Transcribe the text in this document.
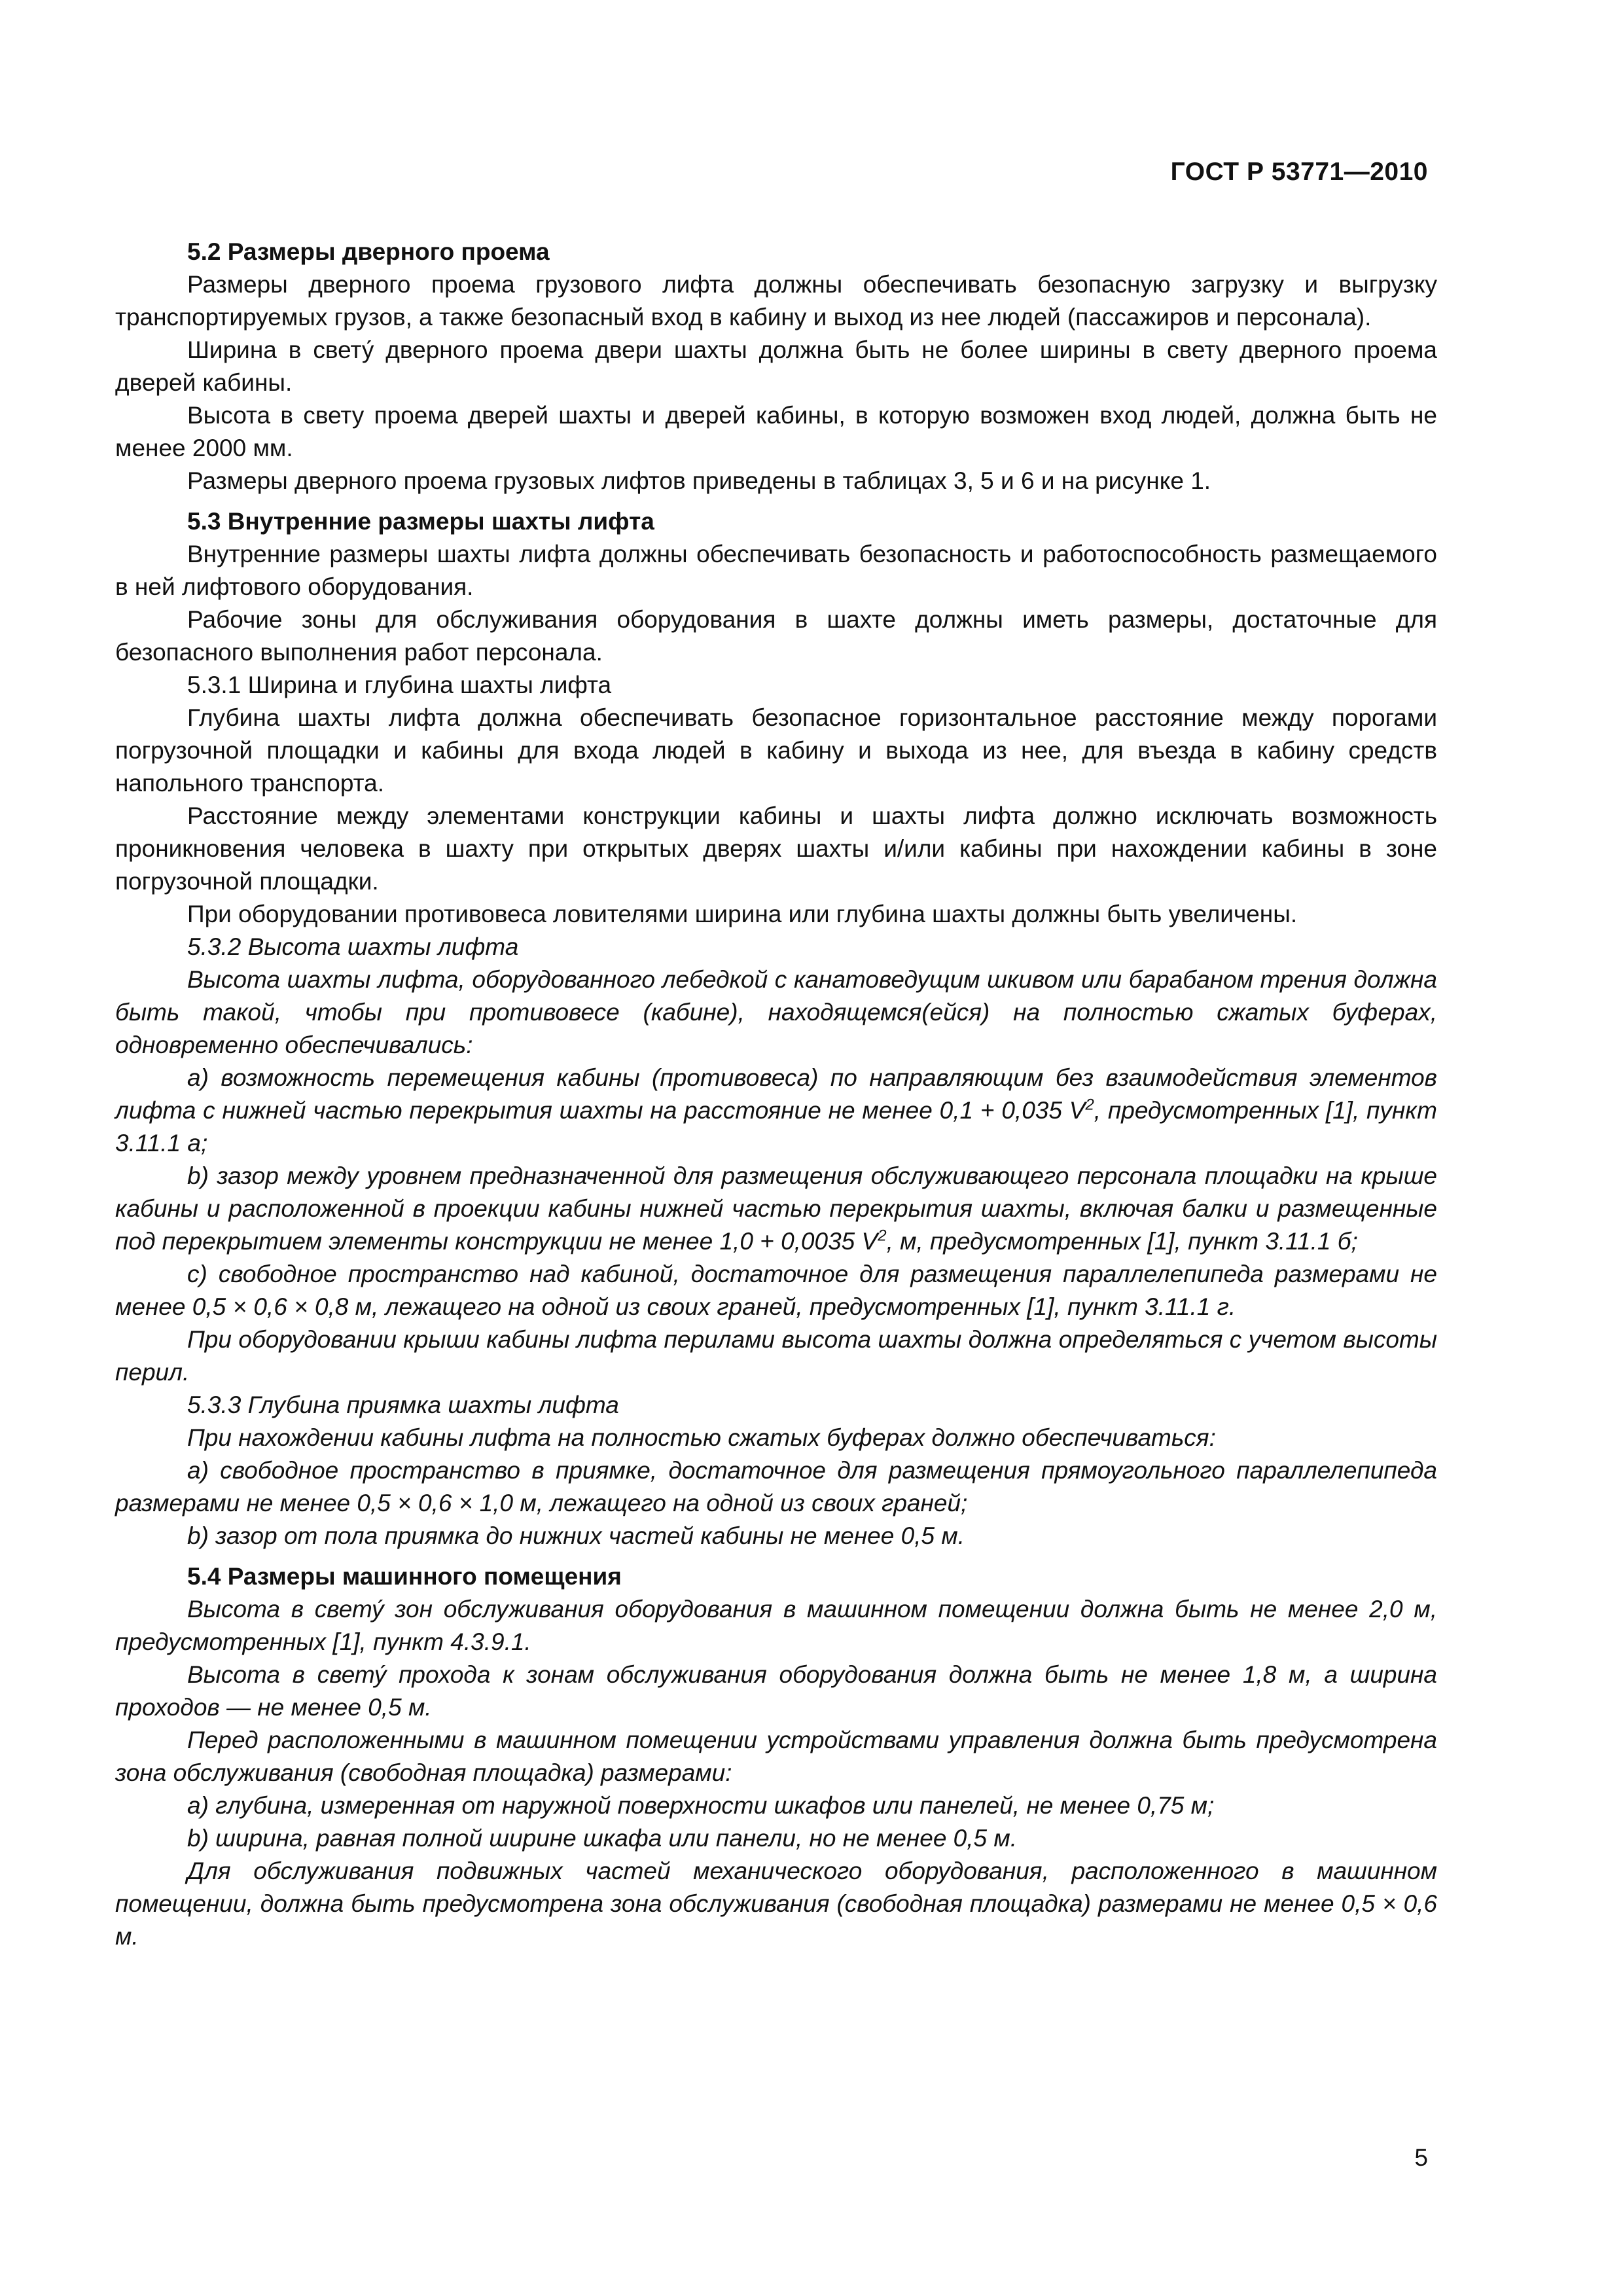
ГОСТ Р 53771—2010

5.2 Размеры дверного проема

Размеры дверного проема грузового лифта должны обеспечивать безопасную загрузку и выгрузку транспортируемых грузов, а также безопасный вход в кабину и выход из нее людей (пассажиров и персонала).

Ширина в свету́ дверного проема двери шахты должна быть не более ширины в свету дверного проема дверей кабины.

Высота в свету проема дверей шахты и дверей кабины, в которую возможен вход людей, должна быть не менее 2000 мм.

Размеры дверного проема грузовых лифтов приведены в таблицах 3, 5 и 6 и на рисунке 1.

5.3 Внутренние размеры шахты лифта

Внутренние размеры шахты лифта должны обеспечивать безопасность и работоспособность размещаемого в ней лифтового оборудования.

Рабочие зоны для обслуживания оборудования в шахте должны иметь размеры, достаточные для безопасного выполнения работ персонала.

5.3.1 Ширина и глубина шахты лифта

Глубина шахты лифта должна обеспечивать безопасное горизонтальное расстояние между порогами погрузочной площадки и кабины для входа людей в кабину и выхода из нее, для въезда в кабину средств напольного транспорта.

Расстояние между элементами конструкции кабины и шахты лифта должно исключать возможность проникновения человека в шахту при открытых дверях шахты и/или кабины при нахождении кабины в зоне погрузочной площадки.

При оборудовании противовеса ловителями ширина или глубина шахты должны быть увеличены.

5.3.2 Высота шахты лифта

Высота шахты лифта, оборудованного лебедкой с канатоведущим шкивом или барабаном трения должна быть такой, чтобы при противовесе (кабине), находящемся(ейся) на полностью сжатых буферах, одновременно обеспечивались:

а) возможность перемещения кабины (противовеса) по направляющим без взаимодействия элементов лифта с нижней частью перекрытия шахты на расстояние не менее 0,1 + 0,035 $V^2$, предусмотренных [1], пункт 3.11.1 а;

b) зазор между уровнем предназначенной для размещения обслуживающего персонала площадки на крыше кабины и расположенной в проекции кабины нижней частью перекрытия шахты, включая балки и размещенные под перекрытием элементы конструкции не менее 1,0 + 0,0035 $V^2$, м, предусмотренных [1], пункт 3.11.1 б;

с) свободное пространство над кабиной, достаточное для размещения параллелепипеда размерами не менее 0,5 × 0,6 × 0,8 м, лежащего на одной из своих граней, предусмотренных [1], пункт 3.11.1 г.

При оборудовании крыши кабины лифта перилами высота шахты должна определяться с учетом высоты перил.

5.3.3 Глубина приямка шахты лифта

При нахождении кабины лифта на полностью сжатых буферах должно обеспечиваться:

а) свободное пространство в приямке, достаточное для размещения прямоугольного параллелепипеда размерами не менее 0,5 × 0,6 × 1,0 м, лежащего на одной из своих граней;

b) зазор от пола приямка до нижних частей кабины не менее 0,5 м.

5.4 Размеры машинного помещения

Высота в свету́ зон обслуживания оборудования в машинном помещении должна быть не менее 2,0 м, предусмотренных [1], пункт 4.3.9.1.

Высота в свету́ прохода к зонам обслуживания оборудования должна быть не менее 1,8 м, а ширина проходов — не менее 0,5 м.

Перед расположенными в машинном помещении устройствами управления должна быть предусмотрена зона обслуживания (свободная площадка) размерами:

а) глубина, измеренная от наружной поверхности шкафов или панелей, не менее 0,75 м;

b) ширина, равная полной ширине шкафа или панели, но не менее 0,5 м.

Для обслуживания подвижных частей механического оборудования, расположенного в машинном помещении, должна быть предусмотрена зона обслуживания (свободная площадка) размерами не менее 0,5 × 0,6 м.

5
